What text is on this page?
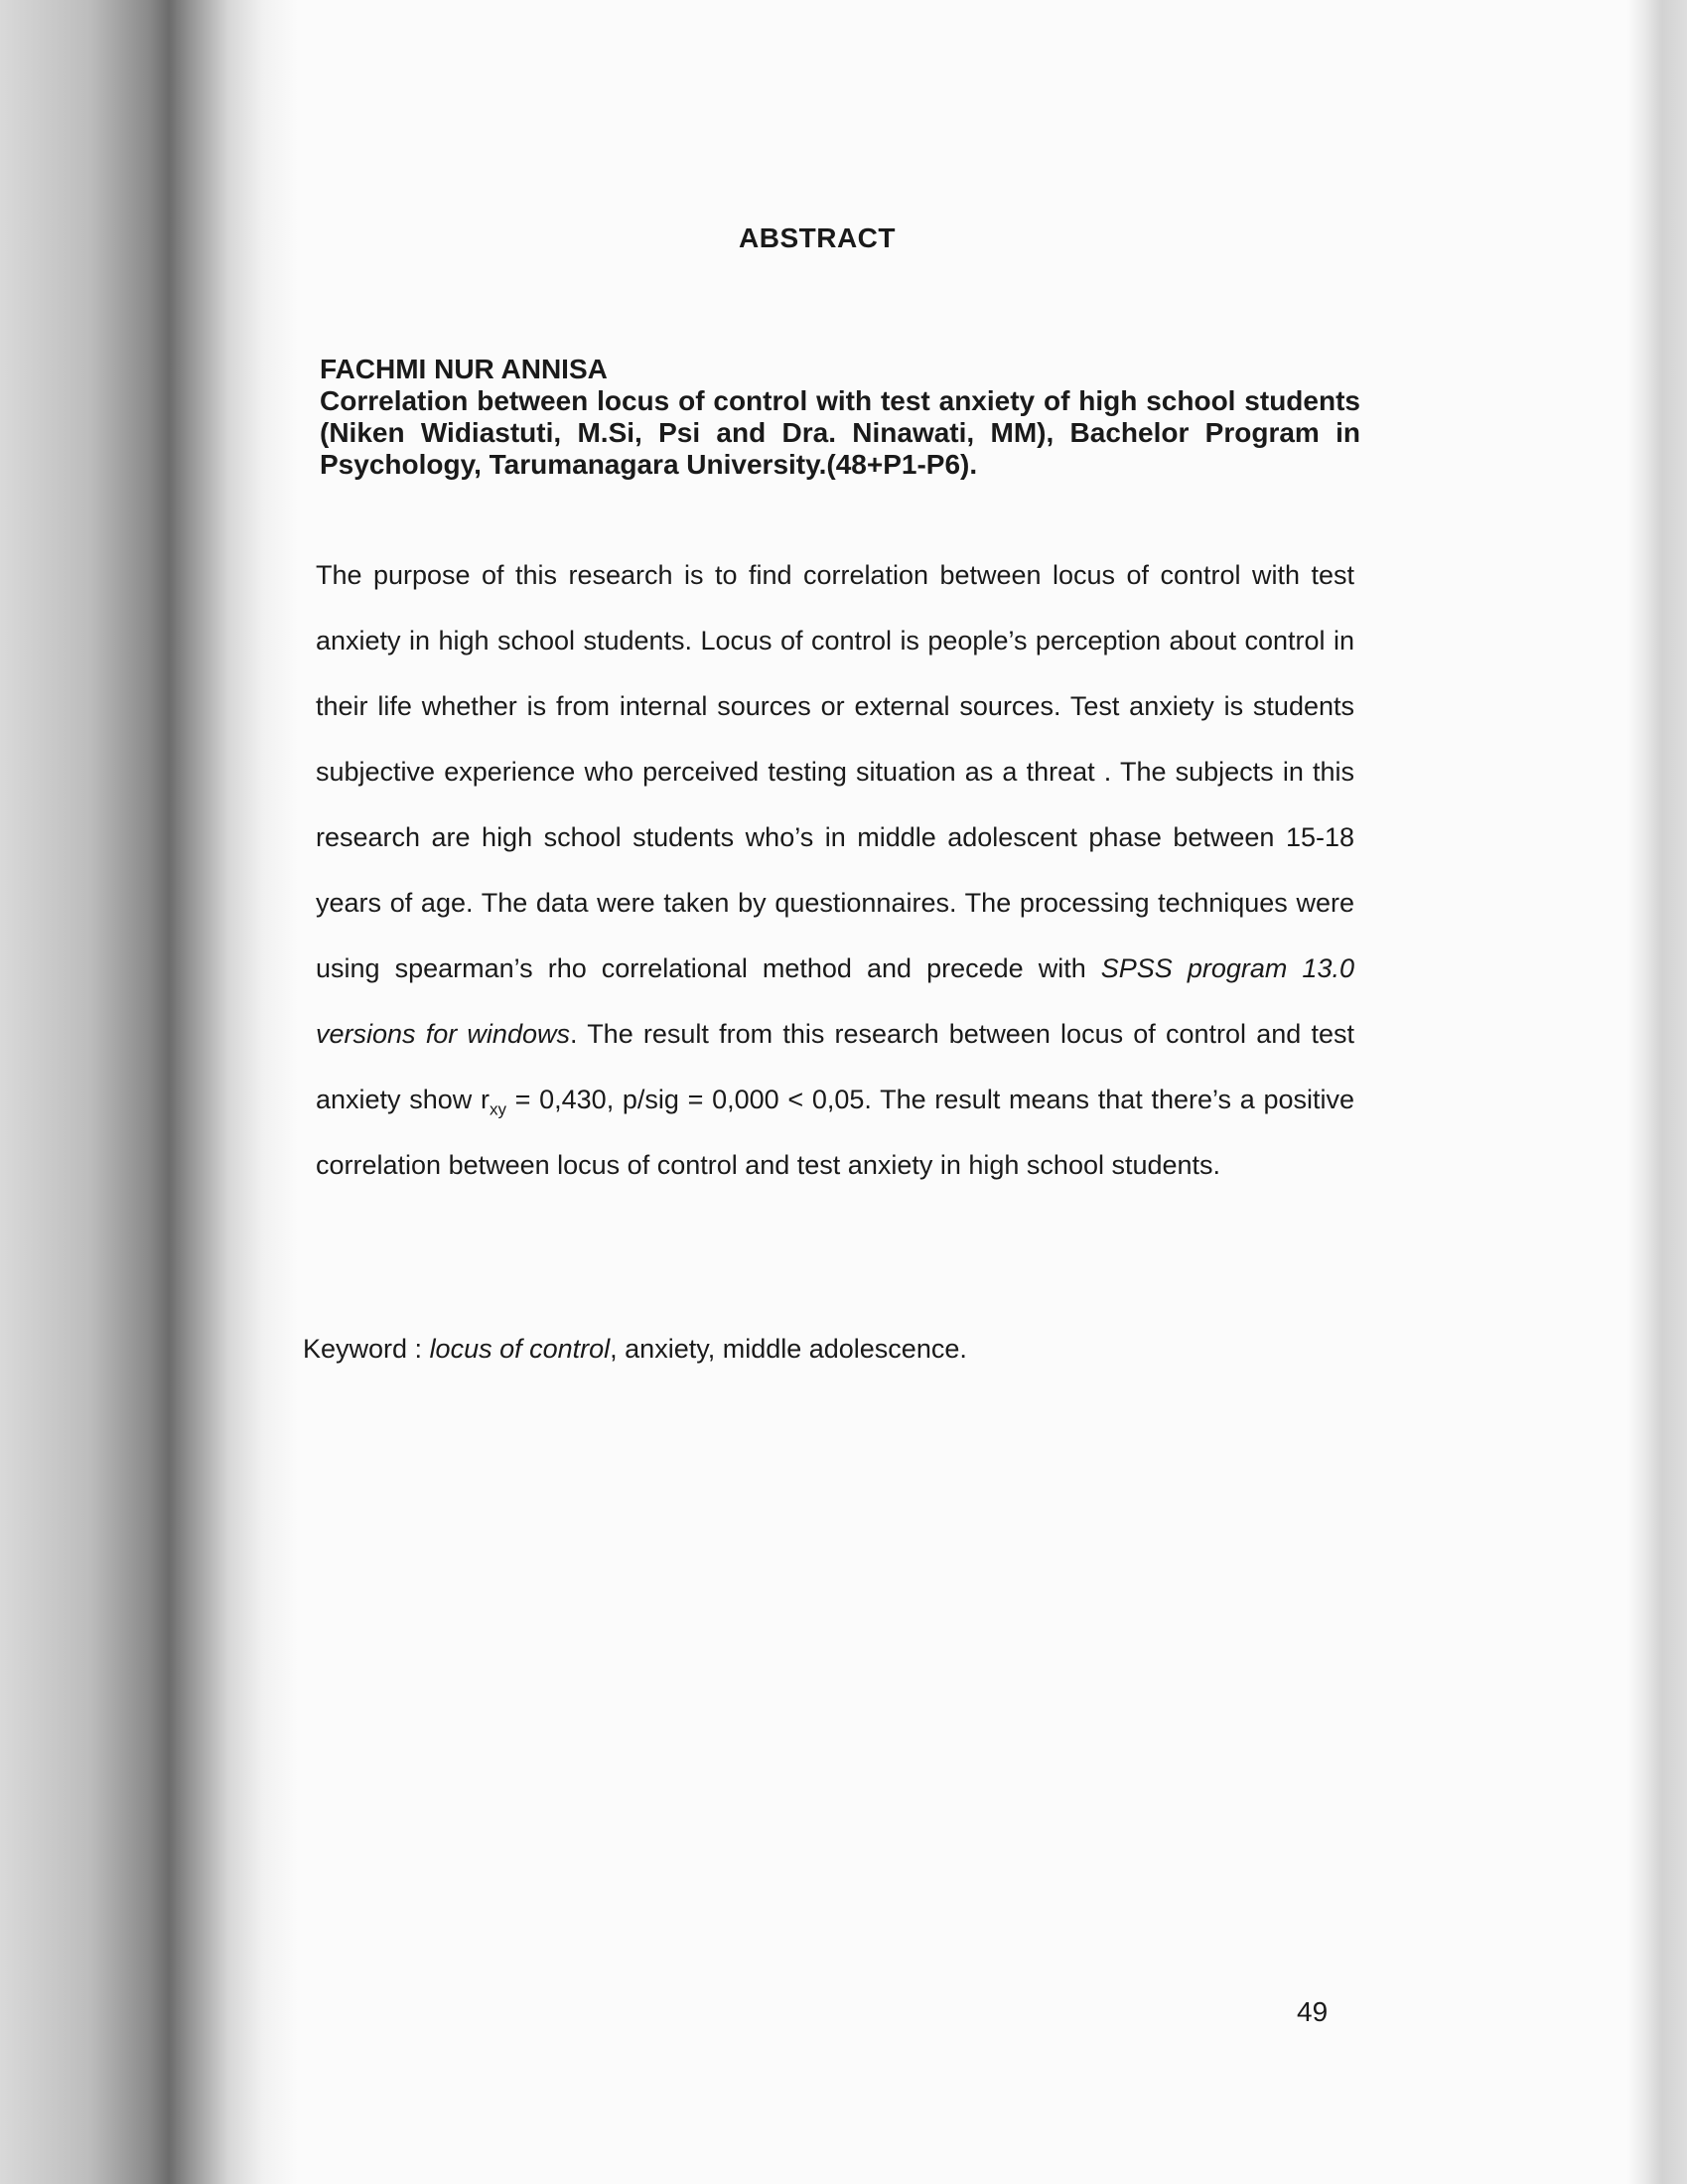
ABSTRACT
FACHMI NUR ANNISA
Correlation between locus of control with test anxiety of high school students (Niken Widiastuti, M.Si, Psi and Dra. Ninawati, MM), Bachelor Program in Psychology, Tarumanagara University.(48+P1-P6).
The purpose of this research is to find correlation between locus of control with test anxiety in high school students. Locus of control is people’s perception about control in their life whether is from internal sources or external sources. Test anxiety is students subjective experience who perceived testing situation as a threat . The subjects in this research are high school students who’s in middle adolescent phase between 15-18 years of age. The data were taken by questionnaires. The processing techniques were using spearman’s rho correlational method and precede with SPSS program 13.0 versions for windows. The result from this research between locus of control and test anxiety show $r_{xy} = 0,430$, p/sig = 0,000 < 0,05. The result means that there’s a positive correlation between locus of control and test anxiety in high school students.
Keyword : locus of control, anxiety, middle adolescence.
49
